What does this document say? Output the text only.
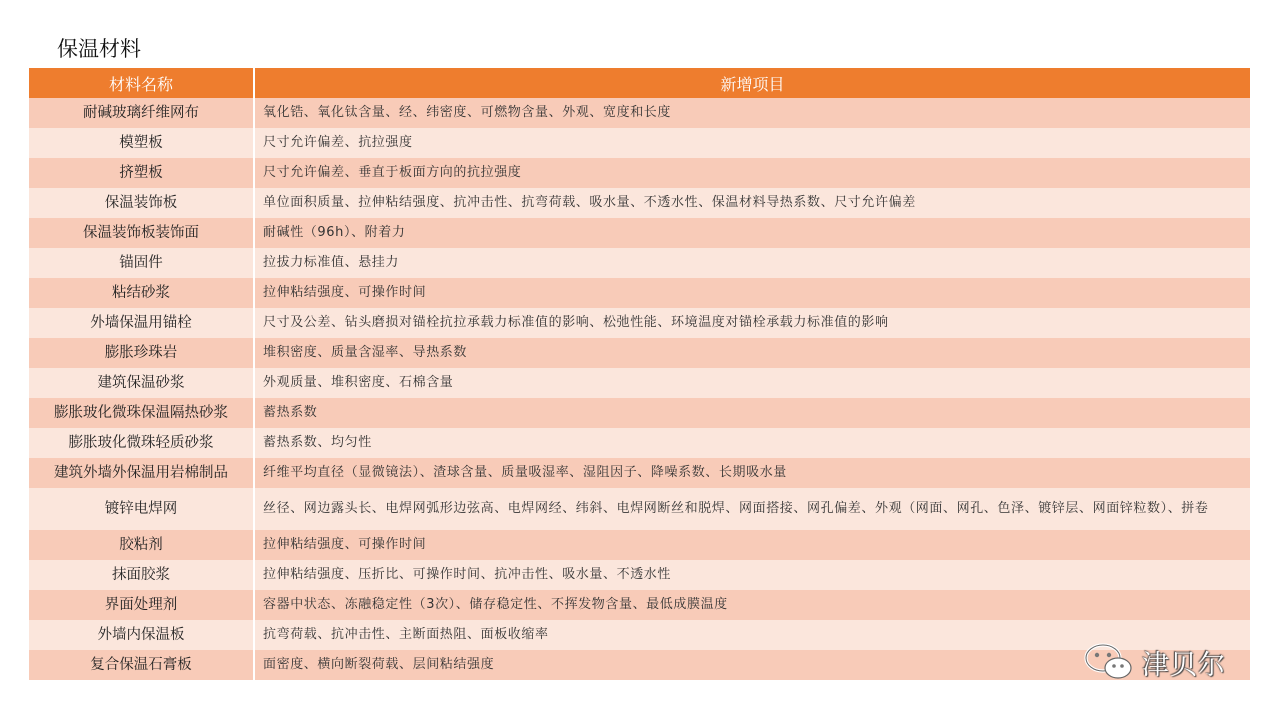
保温材料
材料名称	新增项目
耐碱玻璃纤维网布	氧化锆、氧化钛含量、经、纬密度、可燃物含量、外观、宽度和长度
模塑板	尺寸允许偏差、抗拉强度
挤塑板	尺寸允许偏差、垂直于板面方向的抗拉强度
保温装饰板	单位面积质量、拉伸粘结强度、抗冲击性、抗弯荷载、吸水量、不透水性、保温材料导热系数、尺寸允许偏差
保温装饰板装饰面	耐碱性（96h）、附着力
锚固件	拉拔力标准值、悬挂力
粘结砂浆	拉伸粘结强度、可操作时间
外墙保温用锚栓	尺寸及公差、钻头磨损对锚栓抗拉承载力标准值的影响、松弛性能、环境温度对锚栓承载力标准值的影响
膨胀珍珠岩	堆积密度、质量含湿率、导热系数
建筑保温砂浆	外观质量、堆积密度、石棉含量
膨胀玻化微珠保温隔热砂浆	蓄热系数
膨胀玻化微珠轻质砂浆	蓄热系数、均匀性
建筑外墙外保温用岩棉制品	纤维平均直径（显微镜法）、渣球含量、质量吸湿率、湿阻因子、降噪系数、长期吸水量
镀锌电焊网	丝径、网边露头长、电焊网弧形边弦高、电焊网经、纬斜、电焊网断丝和脱焊、网面搭接、网孔偏差、外观（网面、网孔、色泽、镀锌层、网面锌粒数）、拼卷
胶粘剂	拉伸粘结强度、可操作时间
抹面胶浆	拉伸粘结强度、压折比、可操作时间、抗冲击性、吸水量、不透水性
界面处理剂	容器中状态、冻融稳定性（3次）、储存稳定性、不挥发物含量、最低成膜温度
外墙内保温板	抗弯荷载、抗冲击性、主断面热阻、面板收缩率
复合保温石膏板	面密度、横向断裂荷载、层间粘结强度	津贝尔
